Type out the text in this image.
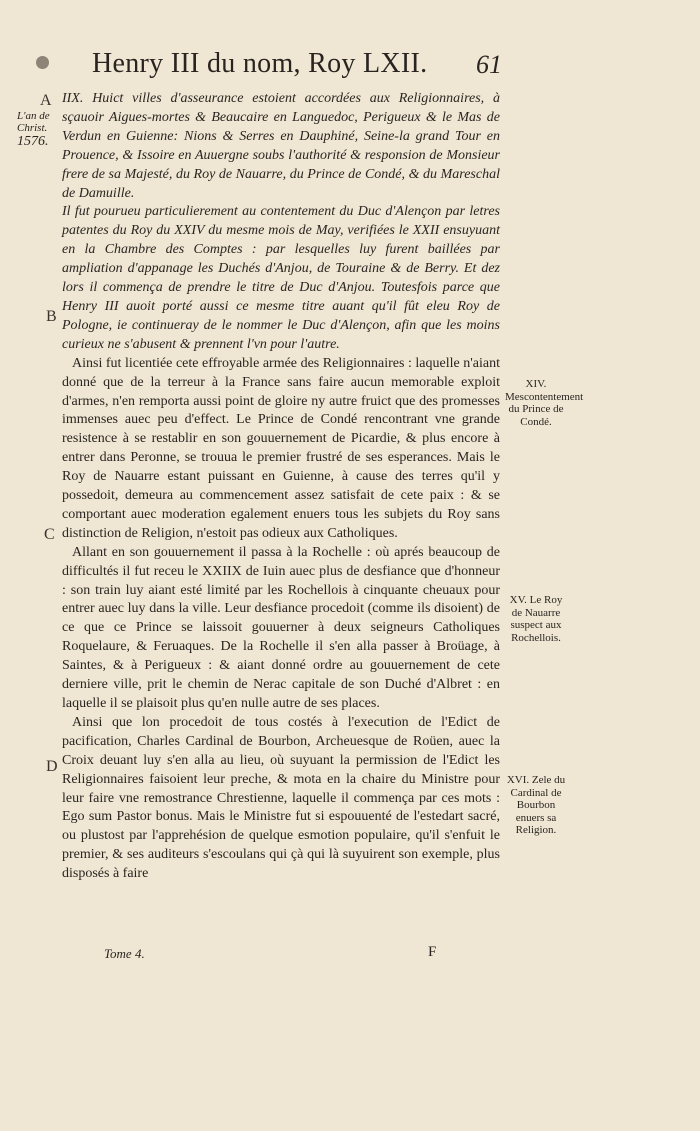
Henry III du nom, Roy LXII. 61
A
B
C
D
L'an de Christ.
1576.

IIX. Huict villes d'asseurance estoient accordées aux Religionnaires, à sçauoir Aigues-mortes & Beaucaire en Languedoc, Perigueux & le Mas de Verdun en Guienne: Nions & Serres en Dauphiné, Seine-la grand Tour en Prouence, & Issoire en Auuergne soubs l'authorité & responsion de Monsieur frere de sa Majesté, du Roy de Nauarre, du Prince de Condé, & du Mareschal de Damuille.

Il fut pourueu particulierement au contentement du Duc d'Alençon par letres patentes du Roy du XXIV du mesme mois de May, verifiées le XXII ensuyuant en la Chambre des Comptes : par lesquelles luy furent baillées par ampliation d'appanage les Duchés d'Anjou, de Touraine & de Berry. Et dez lors il commença de prendre le titre de Duc d'Anjou. Toutesfois parce que Henry III auoit porté aussi ce mesme titre auant qu'il fût eleu Roy de Pologne, ie continueray de le nommer le Duc d'Alençon, afin que les moins curieux ne s'abusent & prennent l'vn pour l'autre.

Ainsi fut licentiée cete effroyable armée des Religionnaires : laquelle n'aiant donné que de la terreur à la France sans faire aucun memorable exploit d'armes, n'en remporta aussi point de gloire ny autre fruict que des promesses immenses auec peu d'effect. Le Prince de Condé rencontrant vne grande resistence à se restablir en son gouuernement de Picardie, & plus encore à entrer dans Peronne, se trouua le premier frustré de ses esperances. Mais le Roy de Nauarre estant puissant en Guienne, à cause des terres qu'il y possedoit, demeura au commencement assez satisfait de cete paix : & se comportant auec moderation egalement enuers tous les subjets du Roy sans distinction de Religion, n'estoit pas odieux aux Catholiques.

Allant en son gouuernement il passa à la Rochelle : où aprés beaucoup de difficultés il fut receu le XXIIX de Iuin auec plus de desfiance que d'honneur : son train luy aiant esté limité par les Rochellois à cinquante cheuaux pour entrer auec luy dans la ville. Leur desfiance procedoit (comme ils disoient) de ce que ce Prince se laissoit gouuerner à deux seigneurs Catholiques Roquelaure, & Feruaques. De la Rochelle il s'en alla passer à Broüage, à Saintes, & à Perigueux : & aiant donné ordre au gouuernement de cete derniere ville, prit le chemin de Nerac capitale de son Duché d'Albret : en laquelle il se plaisoit plus qu'en nulle autre de ses places.

Ainsi que lon procedoit de tous costés à l'execution de l'Edict de pacification, Charles Cardinal de Bourbon, Archeuesque de Roüen, auec la Croix deuant luy s'en alla au lieu, où suyuant la permission de l'Edict les Religionnaires faisoient leur preche, & mota en la chaire du Ministre pour leur faire vne remostrance Chrestienne, laquelle il commença par ces mots : Ego sum Pastor bonus. Mais le Ministre fut si espouuenté de l'estedart sacré, ou plustost par l'apprehésion de quelque esmotion populaire, qu'il s'enfuit le premier, & ses auditeurs s'escoulans qui çà qui là suyuirent son exemple, plus disposés à faire

XIV. Mescontentement du Prince de Condé.
XV. Le Roy de Nauarre suspect aux Rochellois.
XVI. Zele du Cardinal de Bourbon enuers sa Religion.
Tome 4.	F
